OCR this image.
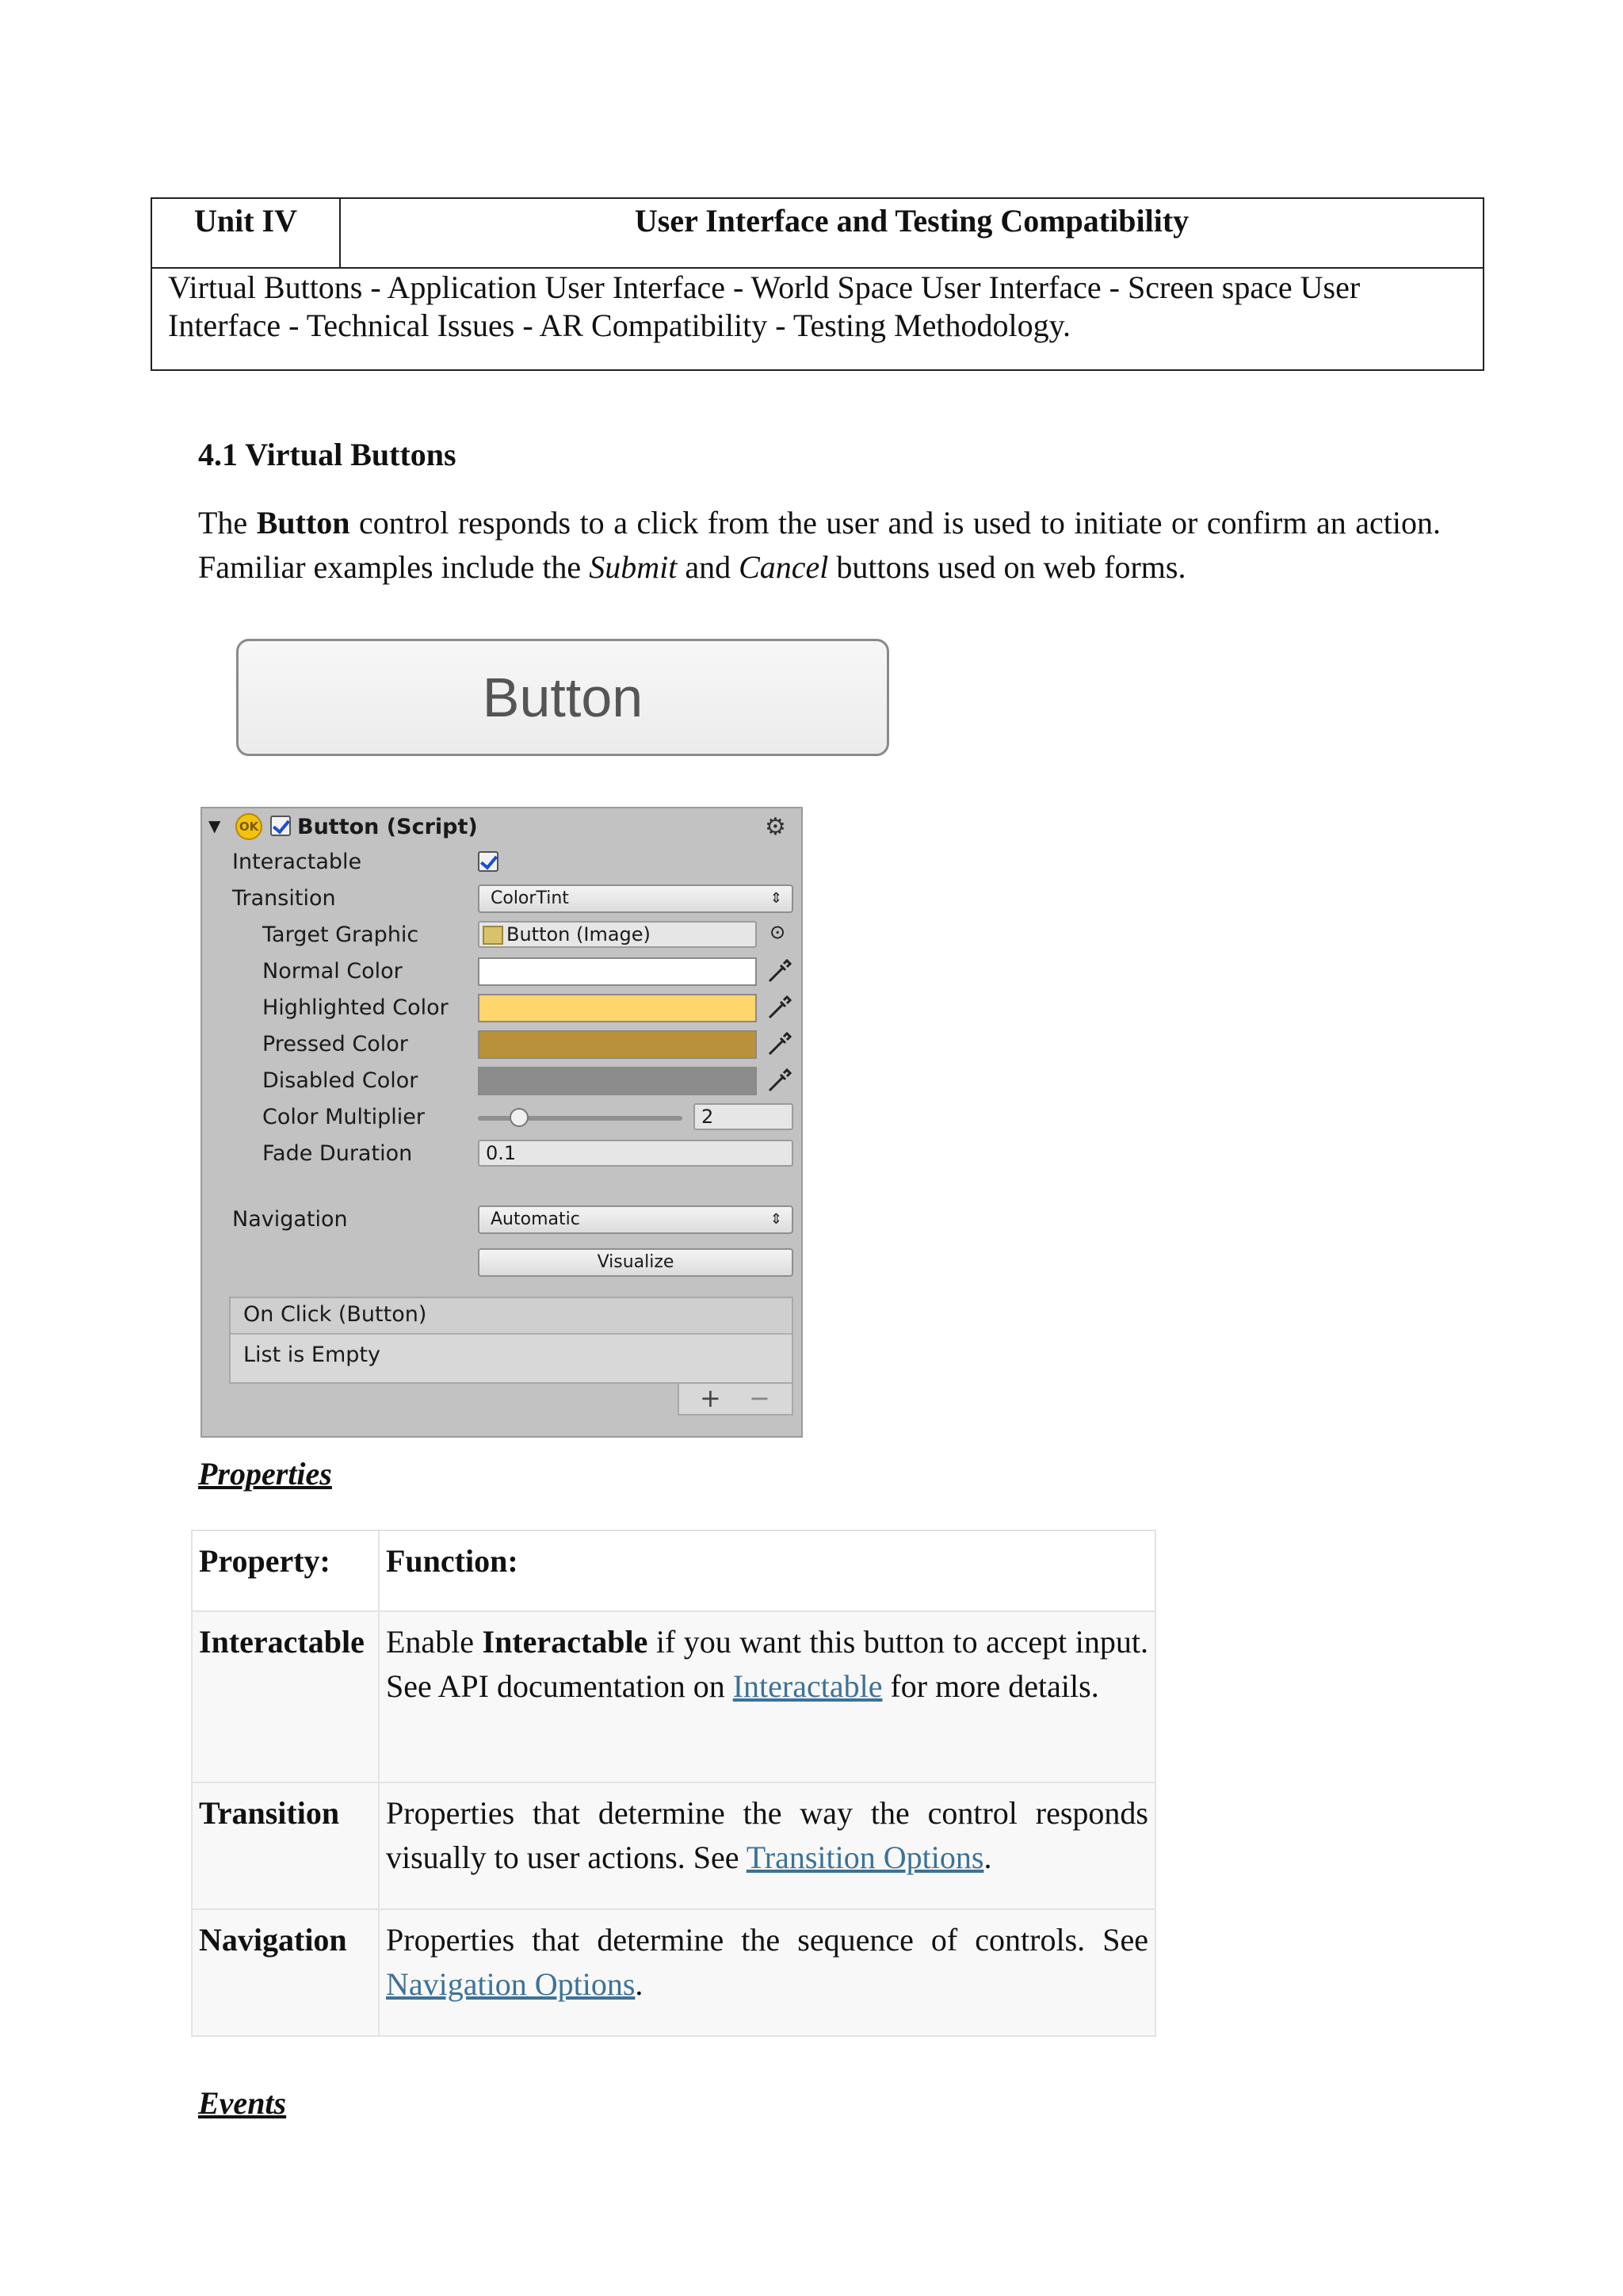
Unit IV	User Interface and Testing Compatibility
Virtual Buttons - Application User Interface - World Space User Interface - Screen space User Interface - Technical Issues - AR Compatibility - Testing Methodology.
4.1 Virtual Buttons
The Button control responds to a click from the user and is used to initiate or confirm an action. Familiar examples include the Submit and Cancel buttons used on web forms.
Button
▼	OK Button (Script)	⚙
Interactable
Transition	ColorTint	⇕
Target Graphic	Button (Image)	⊙
Normal Color
Highlighted Color
Pressed Color
Disabled Color
Color Multiplier	2
Fade Duration	0.1
Navigation	Automatic	⇕
Visualize
On Click (Button)
List is Empty
+ −
Properties
Property:	Function:
Interactable	Enable Interactable if you want this button to accept input. See API documentation on Interactable for more details.
Transition	Properties that determine the way the control responds visually to user actions. See Transition Options.
Navigation	Properties that determine the sequence of controls. See Navigation Options.
Events
